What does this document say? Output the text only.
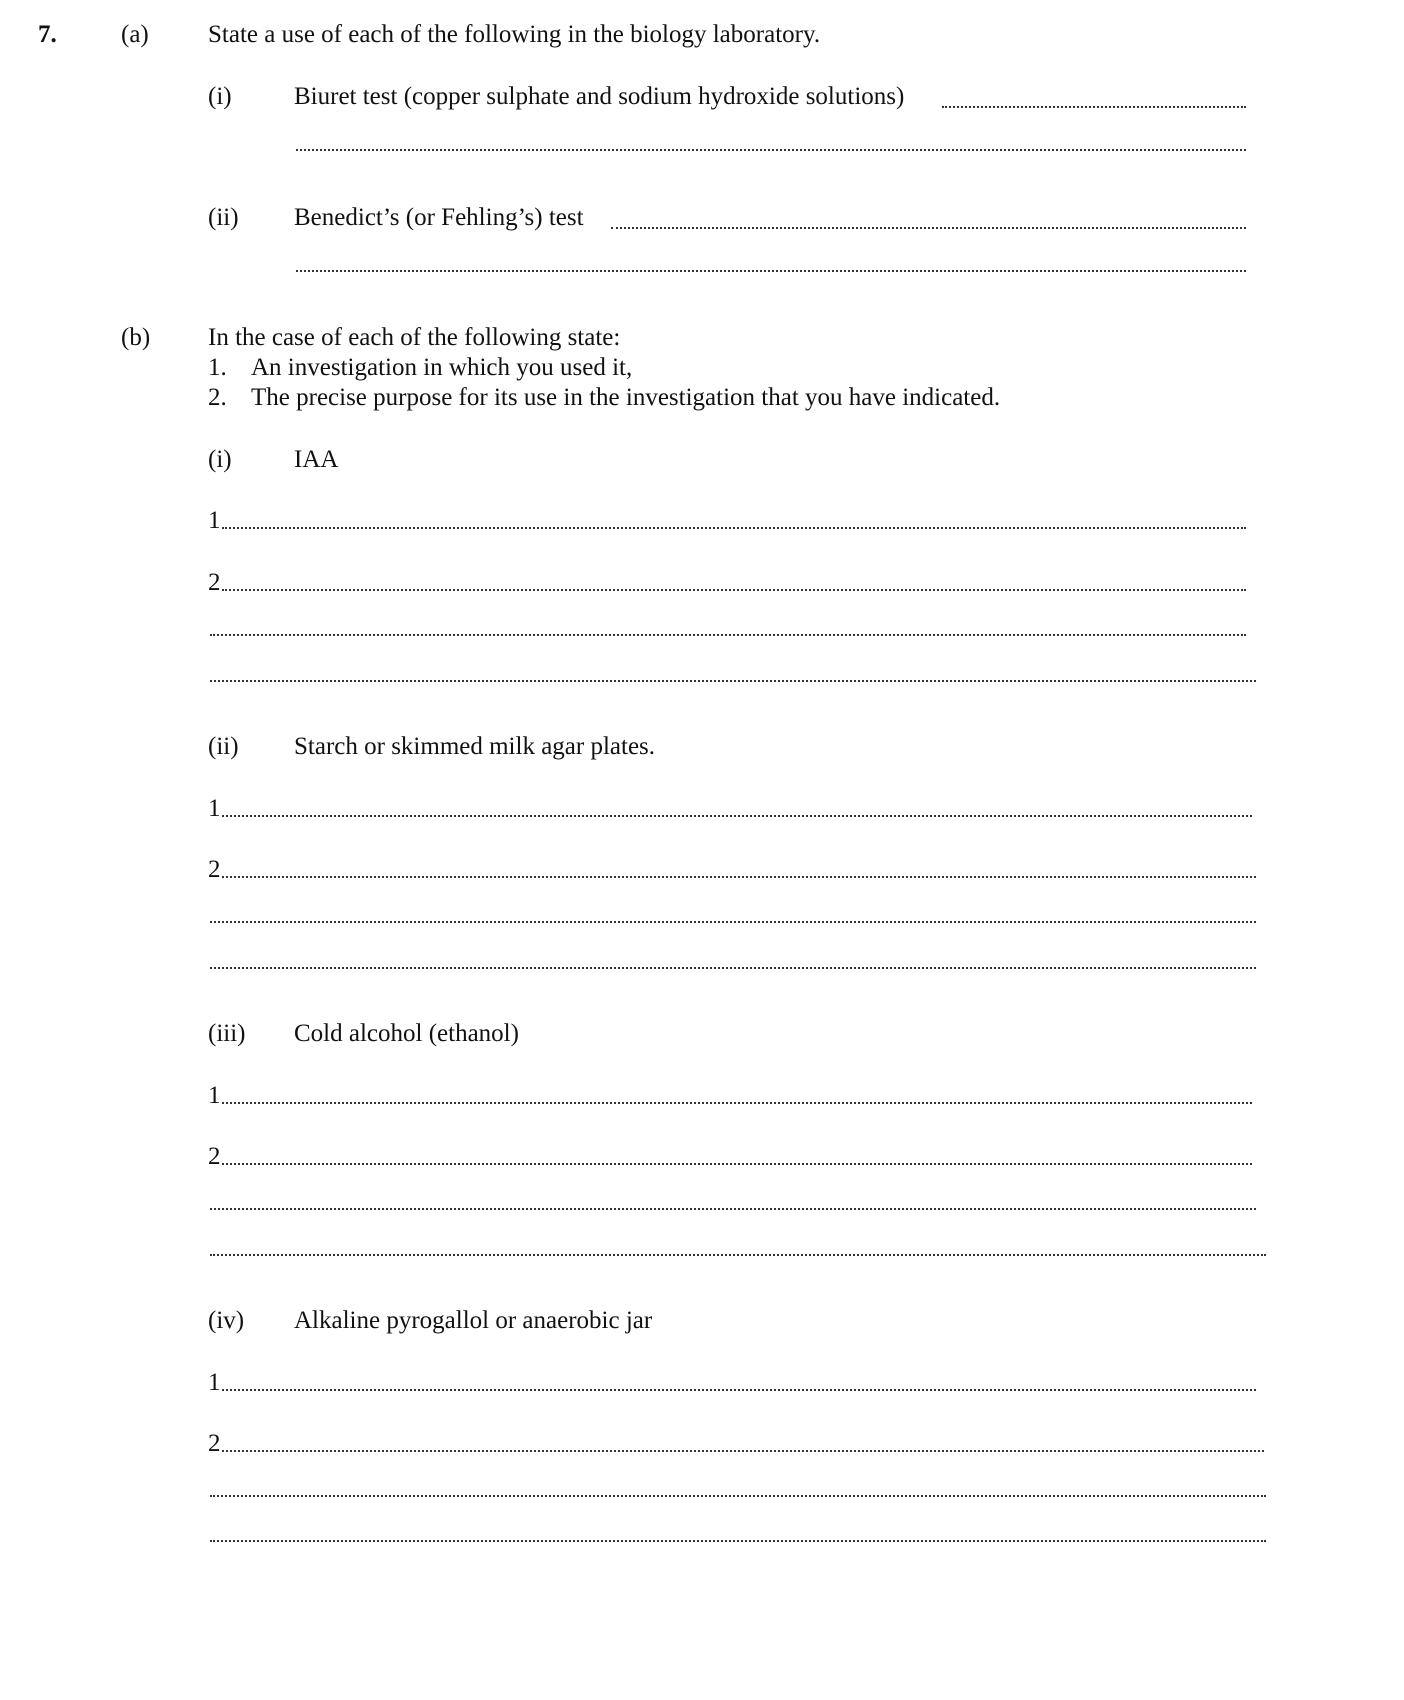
7.	(a) State a use of each of the following in the biology laboratory.
(i) Biuret test (copper sulphate and sodium hydroxide solutions)
(ii) Benedict’s (or Fehling’s) test
(b) In the case of each of the following state:
1. An investigation in which you used it,
2. The precise purpose for its use in the investigation that you have indicated.
(i) IAA
1
2
(ii) Starch or skimmed milk agar plates.
1
2
(iii) Cold alcohol (ethanol)
1
2
(iv) Alkaline pyrogallol or anaerobic jar
1
2
